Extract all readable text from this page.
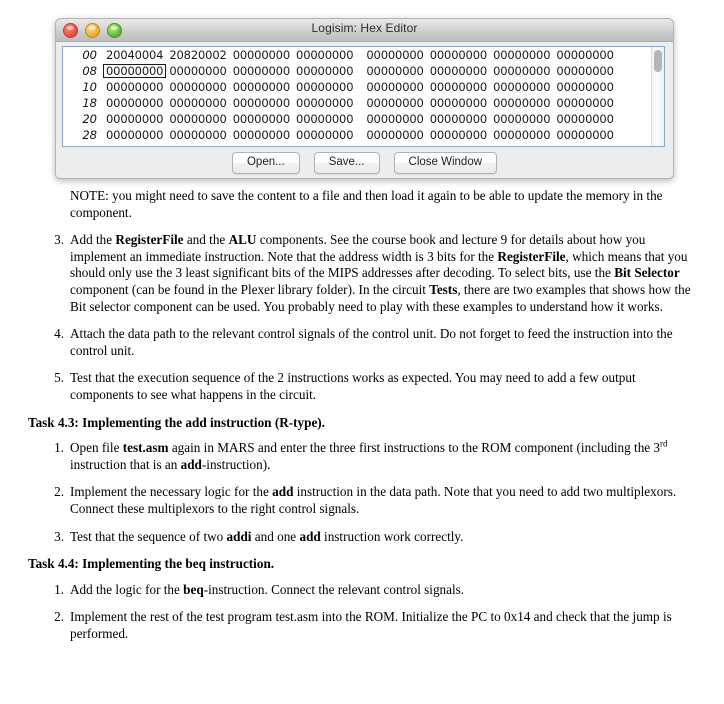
Logisim: Hex Editor
00 20040004 20820002 00000000 00000000 00000000 00000000 00000000 00000000
08 00000000 00000000 00000000 00000000 00000000 00000000 00000000 00000000
10 00000000 00000000 00000000 00000000 00000000 00000000 00000000 00000000
18 00000000 00000000 00000000 00000000 00000000 00000000 00000000 00000000
20 00000000 00000000 00000000 00000000 00000000 00000000 00000000 00000000
28 00000000 00000000 00000000 00000000 00000000 00000000 00000000 00000000
Open...	Save...	Close Window

NOTE: you might need to save the content to a file and then load it again to be able to update the memory in the component.

3. Add the RegisterFile and the ALU components. See the course book and lecture 9 for details about how you implement an immediate instruction. Note that the address width is 3 bits for the RegisterFile, which means that you should only use the 3 least significant bits of the MIPS addresses after decoding. To select bits, use the Bit Selector component (can be found in the Plexer library folder). In the circuit Tests, there are two examples that shows how the Bit selector component can be used. You probably need to play with these examples to understand how it works.
4. Attach the data path to the relevant control signals of the control unit. Do not forget to feed the instruction into the control unit.
5. Test that the execution sequence of the 2 instructions works as expected. You may need to add a few output components to see what happens in the circuit.
Task 4.3: Implementing the add instruction (R-type).
1. Open file test.asm again in MARS and enter the three first instructions to the ROM component (including the 3rd instruction that is an add-instruction).
2. Implement the necessary logic for the add instruction in the data path. Note that you need to add two multiplexors. Connect these multiplexors to the right control signals.
3. Test that the sequence of two addi and one add instruction work correctly.
Task 4.4: Implementing the beq instruction.
1. Add the logic for the beq-instruction. Connect the relevant control signals.
2. Implement the rest of the test program test.asm into the ROM. Initialize the PC to 0x14 and check that the jump is performed.
